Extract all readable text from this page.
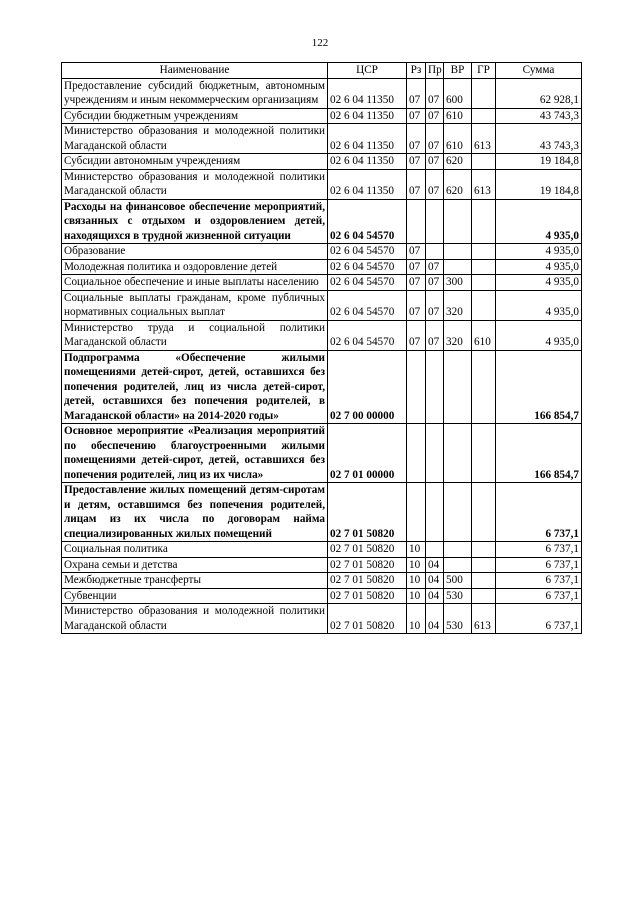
122
Наименование	ЦСР	Рз	Пр	ВР	ГР	Сумма
Предоставление субсидий бюджетным, автономным учреждениям и иным некоммерческим организациям	02 6 04 11350	07	07	600		62 928,1
Субсидии бюджетным учреждениям	02 6 04 11350	07	07	610		43 743,3
Министерство образования и молодежной политики Магаданской области	02 6 04 11350	07	07	610	613	43 743,3
Субсидии автономным учреждениям	02 6 04 11350	07	07	620		19 184,8
Министерство образования и молодежной политики Магаданской области	02 6 04 11350	07	07	620	613	19 184,8
Расходы на финансовое обеспечение мероприятий, связанных с отдыхом и оздоровлением детей, находящихся в трудной жизненной ситуации	02 6 04 54570					4 935,0
Образование	02 6 04 54570	07				4 935,0
Молодежная политика и оздоровление детей	02 6 04 54570	07	07			4 935,0
Социальное обеспечение и иные выплаты населению	02 6 04 54570	07	07	300		4 935,0
Социальные выплаты гражданам, кроме публичных нормативных социальных выплат	02 6 04 54570	07	07	320		4 935,0
Министерство труда и социальной политики Магаданской области	02 6 04 54570	07	07	320	610	4 935,0
Подпрограмма «Обеспечение жилыми помещениями детей-сирот, детей, оставшихся без попечения родителей, лиц из числа детей-сирот, детей, оставшихся без попечения родителей, в Магаданской области» на 2014-2020 годы»	02 7 00 00000					166 854,7
Основное мероприятие «Реализация мероприятий по обеспечению благоустроенными жилыми помещениями детей-сирот, детей, оставшихся без попечения родителей, лиц из их числа»	02 7 01 00000					166 854,7
Предоставление жилых помещений детям-сиротам и детям, оставшимся без попечения родителей, лицам из их числа по договорам найма специализированных жилых помещений	02 7 01 50820					6 737,1
Социальная политика	02 7 01 50820	10				6 737,1
Охрана семьи и детства	02 7 01 50820	10	04			6 737,1
Межбюджетные трансферты	02 7 01 50820	10	04	500		6 737,1
Субвенции	02 7 01 50820	10	04	530		6 737,1
Министерство образования и молодежной политики Магаданской области	02 7 01 50820	10	04	530	613	6 737,1
